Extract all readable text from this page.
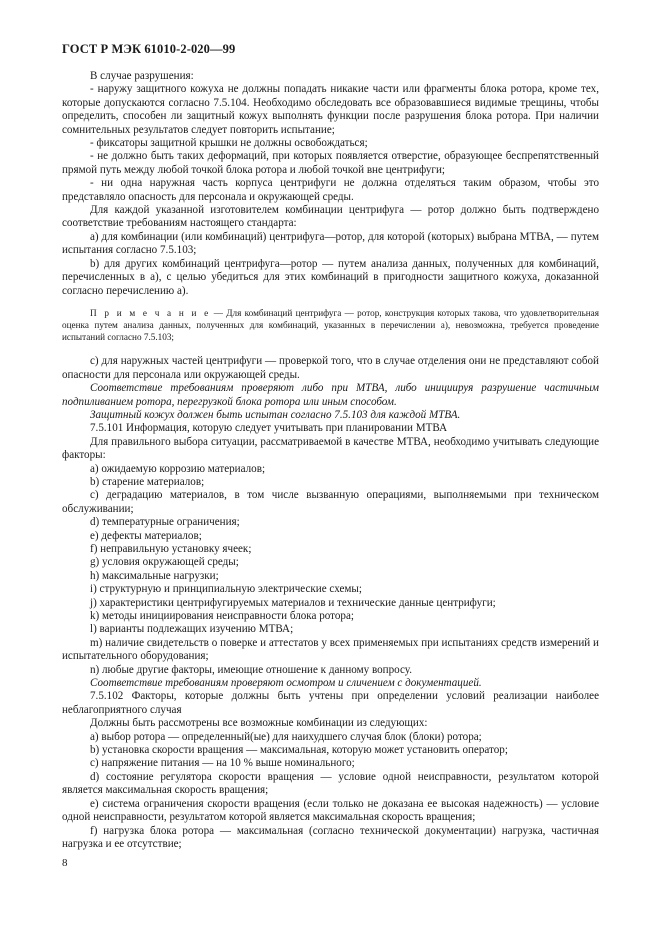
ГОСТ Р МЭК 61010-2-020—99

В случае разрушения:

- наружу защитного кожуха не должны попадать никакие части или фрагменты блока ротора, кроме тех, которые допускаются согласно 7.5.104. Необходимо обследовать все образовавшиеся видимые трещины, чтобы определить, способен ли защитный кожух выполнять функции после разрушения блока ротора. При наличии сомнительных результатов следует повторить испытание;

- фиксаторы защитной крышки не должны освобождаться;

- не должно быть таких деформаций, при которых появляется отверстие, образующее беспрепятственный прямой путь между любой точкой блока ротора и любой точкой вне центрифуги;

- ни одна наружная часть корпуса центрифуги не должна отделяться таким образом, чтобы это представляло опасность для персонала и окружающей среды.

Для каждой указанной изготовителем комбинации центрифуга — ротор должно быть подтверждено соответствие требованиям настоящего стандарта:

a) для комбинации (или комбинаций) центрифуга—ротор, для которой (которых) выбрана МТВА, — путем испытания согласно 7.5.103;

b) для других комбинаций центрифуга—ротор — путем анализа данных, полученных для комбинаций, перечисленных в a), с целью убедиться для этих комбинаций в пригодности защитного кожуха, доказанной согласно перечислению a).

П р и м е ч а н и е — Для комбинаций центрифуга — ротор, конструкция которых такова, что удовлетворительная оценка путем анализа данных, полученных для комбинаций, указанных в перечислении а), невозможна, требуется проведение испытаний согласно 7.5.103;

c) для наружных частей центрифуги — проверкой того, что в случае отделения они не представляют собой опасности для персонала или окружающей среды.

Соответствие требованиям проверяют либо при МТВА, либо инициируя разрушение частичным подпиливанием ротора, перегрузкой блока ротора или иным способом.

Защитный кожух должен быть испытан согласно 7.5.103 для каждой МТВА.

7.5.101 Информация, которую следует учитывать при планировании МТВА

Для правильного выбора ситуации, рассматриваемой в качестве МТВА, необходимо учитывать следующие факторы:

a) ожидаемую коррозию материалов;

b) старение материалов;

c) деградацию материалов, в том числе вызванную операциями, выполняемыми при техническом обслуживании;

d) температурные ограничения;

e) дефекты материалов;

f) неправильную установку ячеек;

g) условия окружающей среды;

h) максимальные нагрузки;

i) структурную и принципиальную электрические схемы;

j) характеристики центрифугируемых материалов и технические данные центрифуги;

k) методы инициирования неисправности блока ротора;

l) варианты подлежащих изучению МТВА;

m) наличие свидетельств о поверке и аттестатов у всех применяемых при испытаниях средств измерений и испытательного оборудования;

n) любые другие факторы, имеющие отношение к данному вопросу.

Соответствие требованиям проверяют осмотром и сличением с документацией.

7.5.102 Факторы, которые должны быть учтены при определении условий реализации наиболее неблагоприятного случая

Должны быть рассмотрены все возможные комбинации из следующих:

a) выбор ротора — определенный(ые) для наихудшего случая блок (блоки) ротора;

b) установка скорости вращения — максимальная, которую может установить оператор;

c) напряжение питания — на 10 % выше номинального;

d) состояние регулятора скорости вращения — условие одной неисправности, результатом которой является максимальная скорость вращения;

e) система ограничения скорости вращения (если только не доказана ее высокая надежность) — условие одной неисправности, результатом которой является максимальная скорость вращения;

f) нагрузка блока ротора — максимальная (согласно технической документации) нагрузка, частичная нагрузка и ее отсутствие;

8
